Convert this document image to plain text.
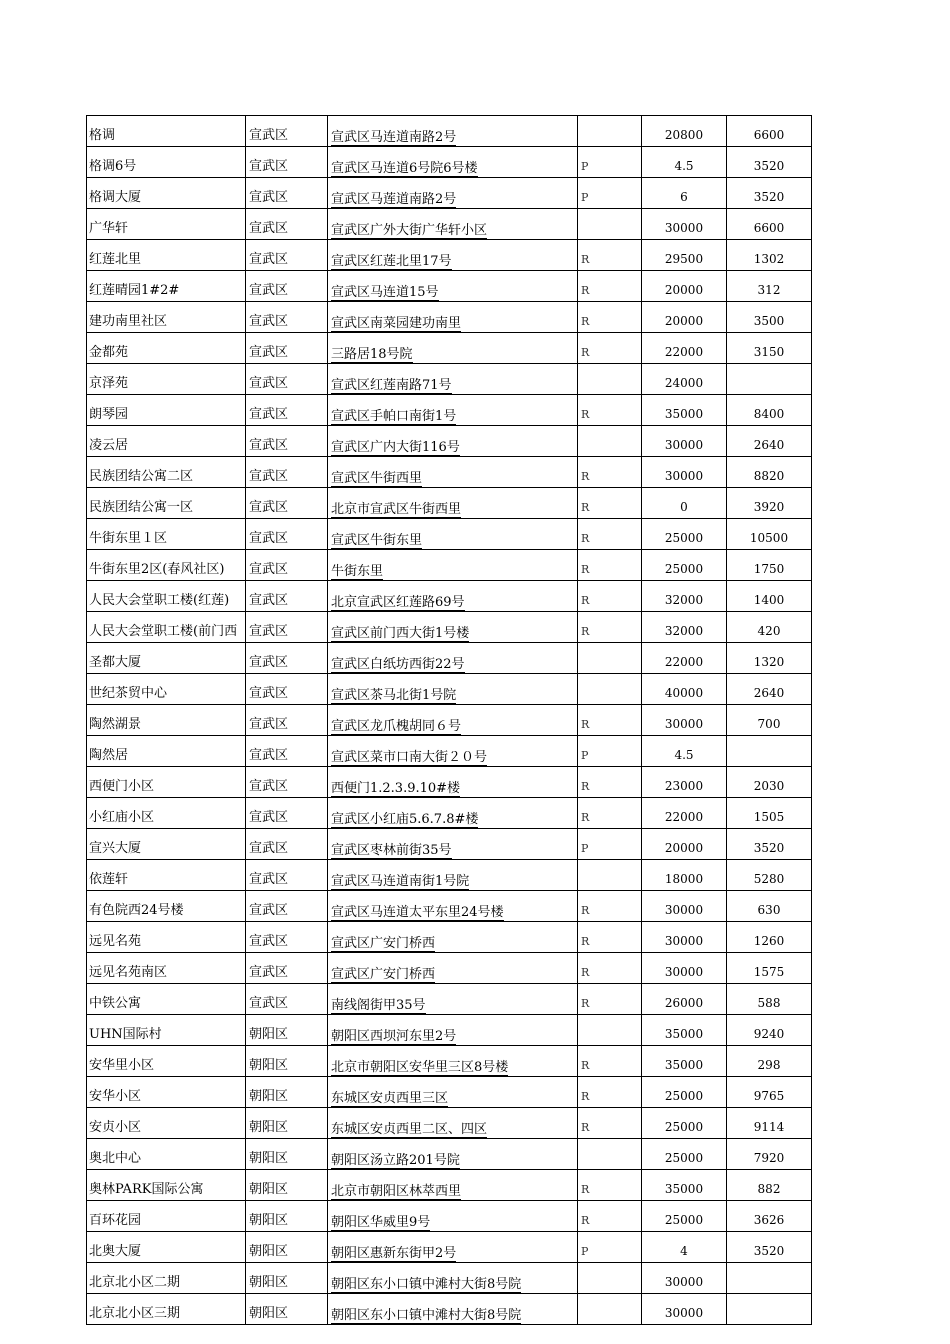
格调	宣武区	宣武区马连道南路2号		20800	6600
格调6号	宣武区	宣武区马连道6号院6号楼	P	4.5	3520
格调大厦	宣武区	宣武区马莲道南路2号	P	6	3520
广华轩	宣武区	宣武区广外大街广华轩小区		30000	6600
红莲北里	宣武区	宣武区红莲北里17号	R	29500	1302
红莲晴园1#2#	宣武区	宣武区马连道15号	R	20000	312
建功南里社区	宣武区	宣武区南菜园建功南里	R	20000	3500
金都苑	宣武区	三路居18号院	R	22000	3150
京泽苑	宣武区	宣武区红莲南路71号		24000	
朗琴园	宣武区	宣武区手帕口南街1号	R	35000	8400
凌云居	宣武区	宣武区广内大街116号		30000	2640
民族团结公寓二区	宣武区	宣武区牛街西里	R	30000	8820
民族团结公寓一区	宣武区	北京市宣武区牛街西里	R	0	3920
牛街东里１区	宣武区	宣武区牛街东里	R	25000	10500
牛街东里2区(春风社区)	宣武区	牛街东里	R	25000	1750
人民大会堂职工楼(红莲)	宣武区	北京宣武区红莲路69号	R	32000	1400
人民大会堂职工楼(前门西	宣武区	宣武区前门西大街1号楼	R	32000	420
圣都大厦	宣武区	宣武区白纸坊西街22号		22000	1320
世纪茶贸中心	宣武区	宣武区茶马北街1号院		40000	2640
陶然湖景	宣武区	宣武区龙爪槐胡同６号	R	30000	700
陶然居	宣武区	宣武区菜市口南大街２０号	P	4.5	
西便门小区	宣武区	西便门1.2.3.9.10#楼	R	23000	2030
小红庙小区	宣武区	宣武区小红庙5.6.7.8#楼	R	22000	1505
宣兴大厦	宣武区	宣武区枣林前街35号	P	20000	3520
依莲轩	宣武区	宣武区马连道南街1号院		18000	5280
有色院西24号楼	宣武区	宣武区马连道太平东里24号楼	R	30000	630
远见名苑	宣武区	宣武区广安门桥西	R	30000	1260
远见名苑南区	宣武区	宣武区广安门桥西	R	30000	1575
中铁公寓	宣武区	南线阁街甲35号	R	26000	588
UHN国际村	朝阳区	朝阳区西坝河东里2号		35000	9240
安华里小区	朝阳区	北京市朝阳区安华里三区8号楼	R	35000	298
安华小区	朝阳区	东城区安贞西里三区	R	25000	9765
安贞小区	朝阳区	东城区安贞西里二区、四区	R	25000	9114
奥北中心	朝阳区	朝阳区汤立路201号院		25000	7920
奥林PARK国际公寓	朝阳区	北京市朝阳区林萃西里	R	35000	882
百环花园	朝阳区	朝阳区华威里9号	R	25000	3626
北奥大厦	朝阳区	朝阳区惠新东街甲2号	P	4	3520
北京北小区二期	朝阳区	朝阳区东小口镇中滩村大街8号院		30000	
北京北小区三期	朝阳区	朝阳区东小口镇中滩村大街8号院		30000	
